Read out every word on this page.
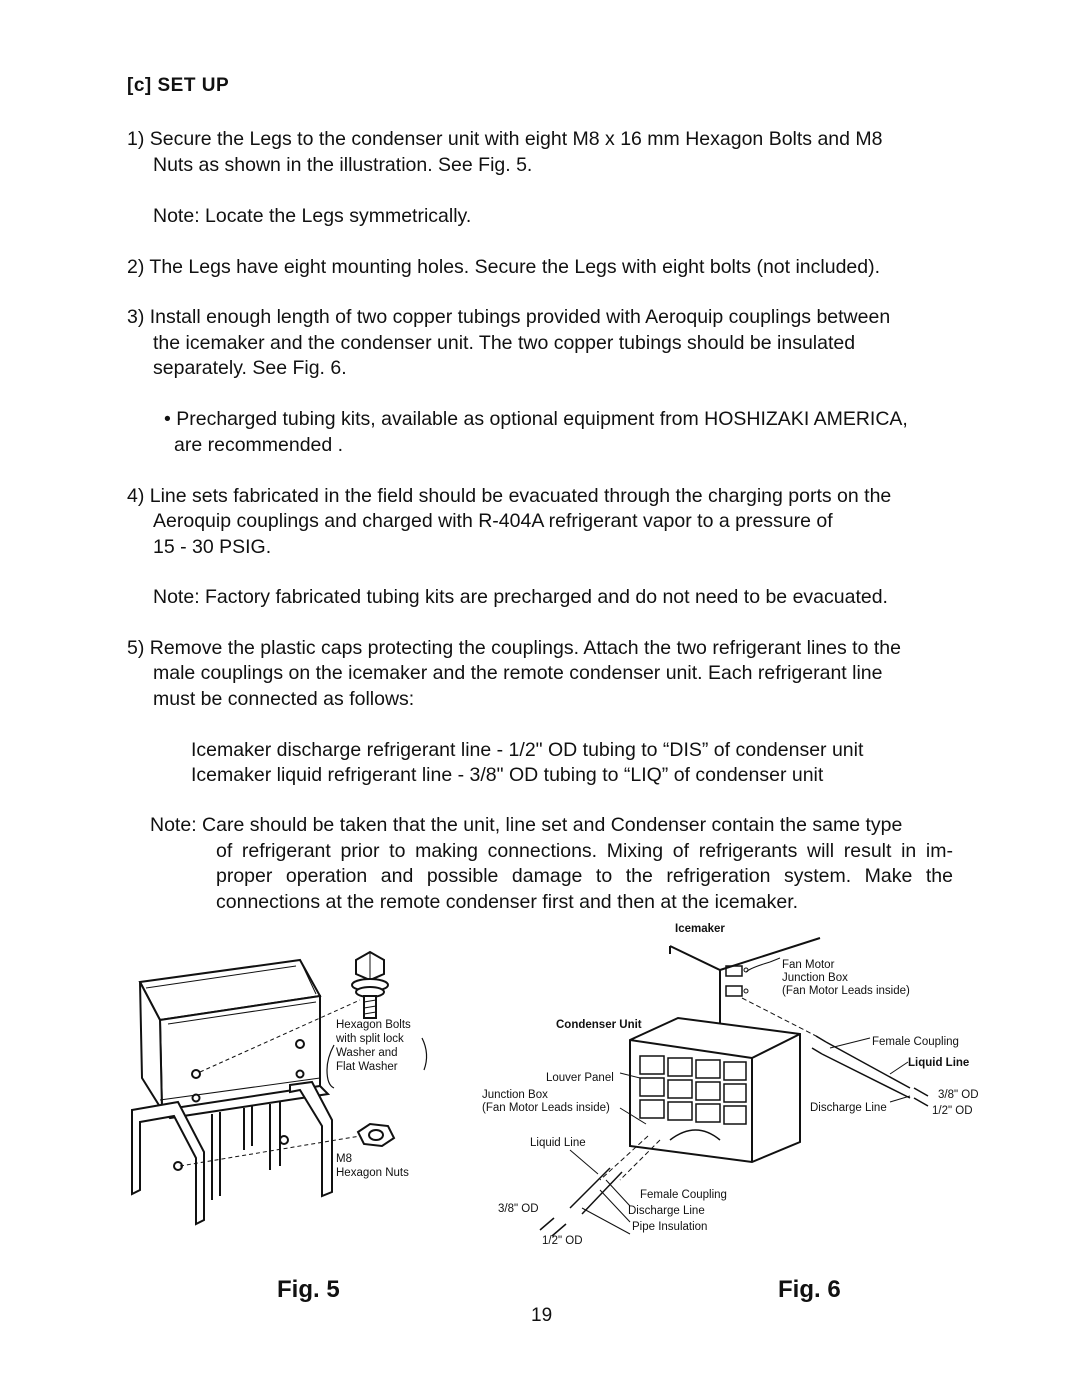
[c] SET UP
1) Secure the Legs to the condenser unit with eight M8 x 16 mm Hexagon Bolts and M8
Nuts as shown in the illustration. See Fig. 5.
Note: Locate the Legs symmetrically.
2) The Legs have eight mounting holes. Secure the Legs with eight bolts (not included).
3) Install enough length of two copper tubings provided with Aeroquip couplings between
the icemaker and the condenser unit. The two copper tubings should be insulated
separately. See Fig. 6.
• Precharged tubing kits, available as optional equipment from HOSHIZAKI AMERICA,
are recommended .
4) Line sets fabricated in the field should be evacuated through the charging ports on the
Aeroquip couplings and charged with R-404A refrigerant vapor to a pressure of
15 - 30 PSIG.
Note: Factory fabricated tubing kits are precharged and do not need to be evacuated.
5) Remove the plastic caps protecting the couplings. Attach the two refrigerant lines to the
male couplings on the icemaker and the remote condenser unit. Each refrigerant line
must be connected as follows:
Icemaker discharge refrigerant line - 1/2" OD tubing to “DIS” of condenser unit
Icemaker liquid refrigerant line - 3/8" OD tubing to “LIQ” of condenser unit
Note: Care should be taken that the unit, line set and Condenser contain the same type
of refrigerant prior to making connections. Mixing of refrigerants will result in im-
proper operation and possible damage to the refrigeration system. Make the
connections at the remote condenser first and then at the icemaker.
Hexagon Bolts
with split lock
Washer and
Flat Washer
M8
Hexagon Nuts
Icemaker
Fan Motor
Junction Box
(Fan Motor Leads inside)
Condenser Unit
Female Coupling
Liquid Line
3/8" OD
1/2" OD
Discharge Line
Louver Panel
Junction Box
(Fan Motor Leads inside)
Liquid Line
Female Coupling
Discharge Line
Pipe Insulation
3/8" OD
1/2" OD
Fig. 5	Fig. 6
19
